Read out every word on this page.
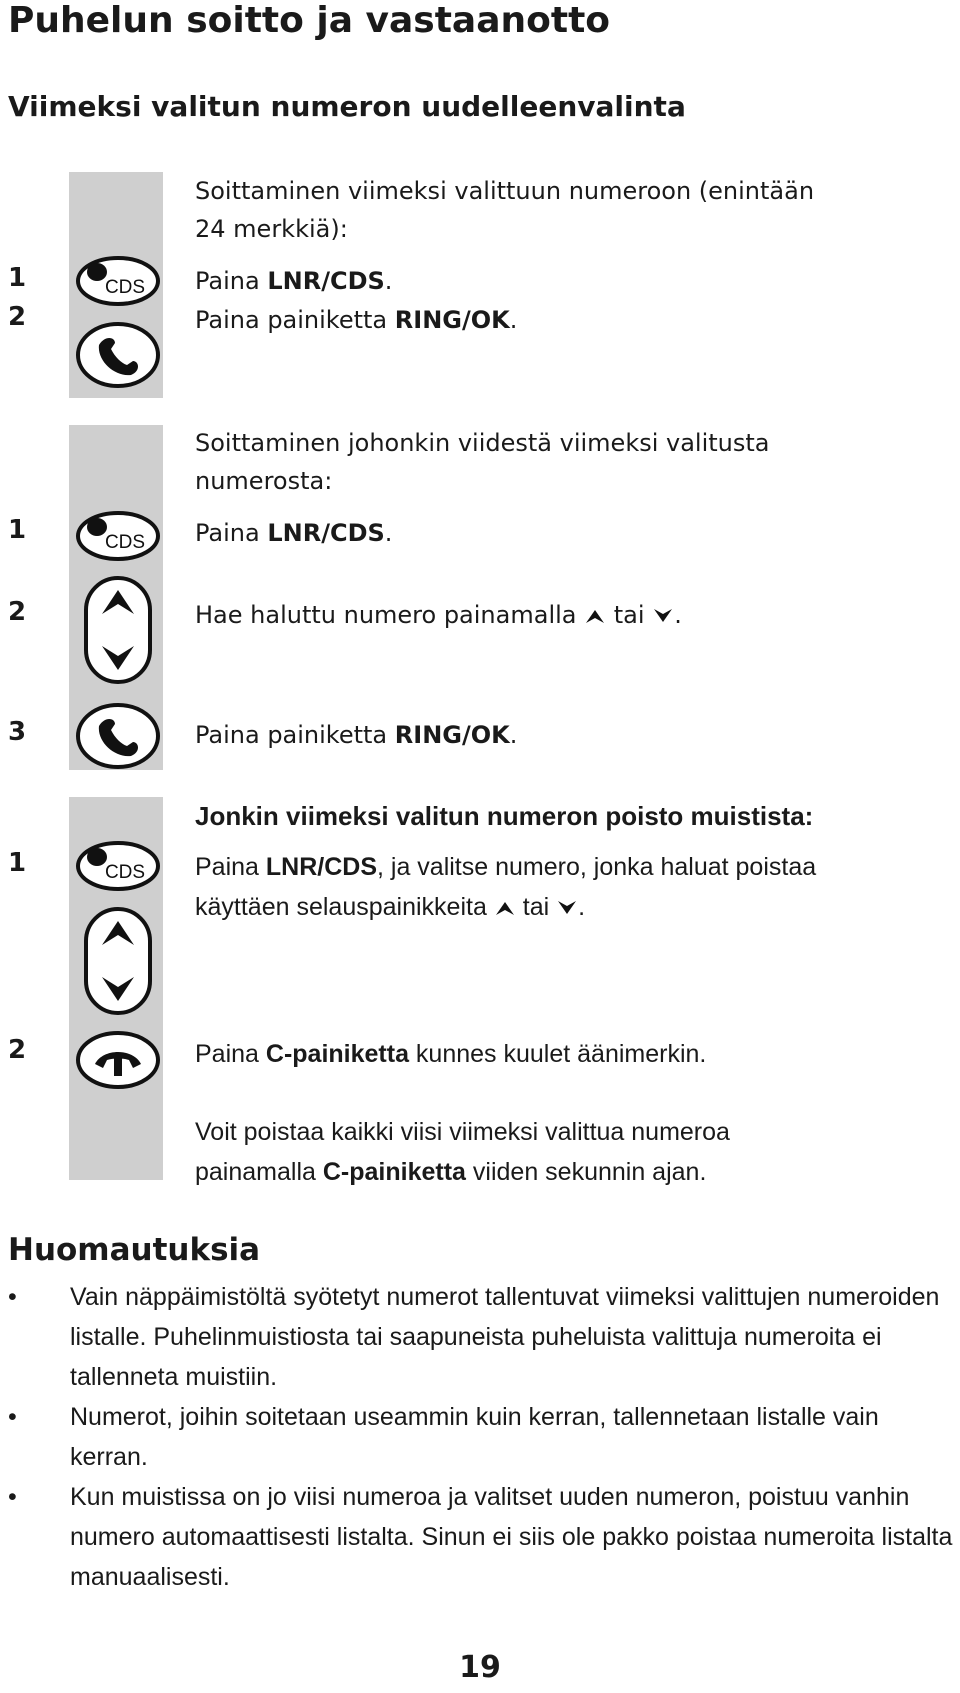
Puhelun soitto ja vastaanotto
Viimeksi valitun numeron uudelleenvalinta
Soittaminen viimeksi valittuun numeroon (enintään
24 merkkiä):
1	Paina LNR/CDS.
2	Paina painiketta RING/OK.
CDS
Soittaminen johonkin viidestä viimeksi valitusta
numerosta:
1	Paina LNR/CDS.
CDS
2	Hae haluttu numero painamalla tai .
3	Paina painiketta RING/OK.
Jonkin viimeksi valitun numeron poisto muistista:
1	Paina LNR/CDS, ja valitse numero, jonka haluat poistaa
käyttäen selauspainikkeita tai .
CDS
2	Paina C-painiketta kunnes kuulet äänimerkin.
Voit poistaa kaikki viisi viimeksi valittua numeroa
painamalla C-painiketta viiden sekunnin ajan.
Huomautuksia
• Vain näppäimistöltä syötetyt numerot tallentuvat viimeksi valittujen numeroiden listalle. Puhelinmuistiosta tai saapuneista puheluista valittuja numeroita ei tallenneta muistiin.
• Numerot, joihin soitetaan useammin kuin kerran, tallennetaan listalle vain kerran.
• Kun muistissa on jo viisi numeroa ja valitset uuden numeron, poistuu vanhin numero automaattisesti listalta. Sinun ei siis ole pakko poistaa numeroita listalta manuaalisesti.
19
